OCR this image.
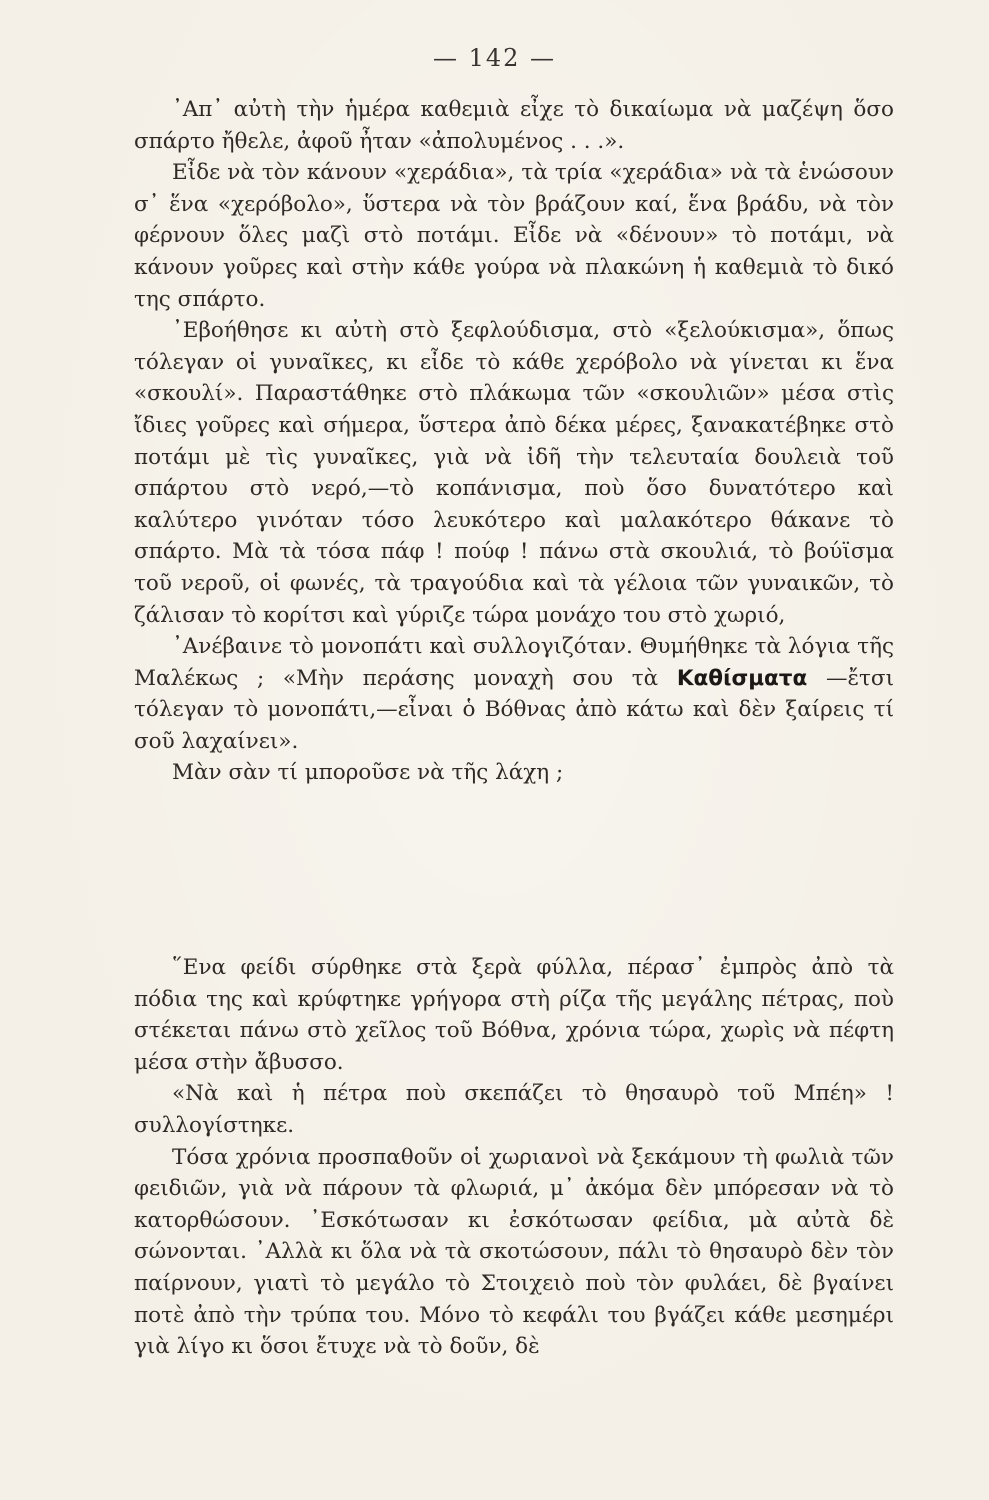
— 142 —

᾿Απ᾿ αὐτὴ τὴν ἡμέρα καθεμιὰ εἶχε τὸ δικαίωμα νὰ μαζέψη ὅσο σπάρτο ἤθελε, ἀφοῦ ἦταν «ἀπολυμένος . . .».

Εἶδε νὰ τὸν κάνουν «χεράδια», τὰ τρία «χεράδια» νὰ τὰ ἑνώσουν σ᾿ ἕνα «χερόβολο», ὕστερα νὰ τὸν βράζουν καί, ἕνα βράδυ, νὰ τὸν φέρνουν ὅλες μαζὶ στὸ ποτάμι. Εἶδε νὰ «δένουν» τὸ ποτάμι, νὰ κάνουν γοῦρες καὶ στὴν κάθε γούρα νὰ πλακώνη ἡ καθεμιὰ τὸ δικό της σπάρτο.

᾿Εβοήθησε κι αὐτὴ στὸ ξεφλούδισμα, στὸ «ξελούκισμα», ὅπως τόλεγαν οἱ γυναῖκες, κι εἶδε τὸ κάθε χερόβολο νὰ γίνεται κι ἕνα «σκουλί». Παραστάθηκε στὸ πλάκωμα τῶν «σκουλιῶν» μέσα στὶς ἴδιες γοῦρες καὶ σήμερα, ὕστερα ἀπὸ δέκα μέρες, ξανακατέβηκε στὸ ποτάμι μὲ τὶς γυναῖκες, γιὰ νὰ ἰδῆ τὴν τελευταία δουλειὰ τοῦ σπάρτου στὸ νερό,—τὸ κοπάνισμα, ποὺ ὅσο δυνατότερο καὶ καλύτερο γινόταν τόσο λευκότερο καὶ μαλακότερο θάκανε τὸ σπάρτο. Μὰ τὰ τόσα πάφ ! πούφ ! πάνω στὰ σκουλιά, τὸ βούϊσμα τοῦ νεροῦ, οἱ φωνές, τὰ τραγούδια καὶ τὰ γέλοια τῶν γυναικῶν, τὸ ζάλισαν τὸ κορίτσι καὶ γύριζε τώρα μονάχο του στὸ χωριό,

᾿Ανέβαινε τὸ μονοπάτι καὶ συλλογιζόταν. Θυμήθηκε τὰ λόγια τῆς Μαλέκως ; «Μὴν περάσης μοναχὴ σου τὰ Καθίσματα —ἔτσι τόλεγαν τὸ μονοπάτι,—εἶναι ὁ Βόθνας ἀπὸ κάτω καὶ δὲν ξαίρεις τί σοῦ λαχαίνει».

Μὰν σὰν τί μποροῦσε νὰ τῆς λάχη ;

῞Ενα φείδι σύρθηκε στὰ ξερὰ φύλλα, πέρασ᾿ ἐμπρὸς ἀπὸ τὰ πόδια της καὶ κρύφτηκε γρήγορα στὴ ρίζα τῆς μεγάλης πέτρας, ποὺ στέκεται πάνω στὸ χεῖλος τοῦ Βόθνα, χρόνια τώρα, χωρὶς νὰ πέφτη μέσα στὴν ἄβυσσο.

«Νὰ καὶ ἡ πέτρα ποὺ σκεπάζει τὸ θησαυρὸ τοῦ Μπέη» ! συλλογίστηκε.

Τόσα χρόνια προσπαθοῦν οἱ χωριανοὶ νὰ ξεκάμουν τὴ φωλιὰ τῶν φειδιῶν, γιὰ νὰ πάρουν τὰ φλωριά, μ᾿ ἀκόμα δὲν μπόρεσαν νὰ τὸ κατορθώσουν. ᾿Εσκότωσαν κι ἐσκότωσαν φείδια, μὰ αὐτὰ δὲ σώνονται. ᾿Αλλὰ κι ὅλα νὰ τὰ σκοτώσουν, πάλι τὸ θησαυρὸ δὲν τὸν παίρνουν, γιατὶ τὸ μεγάλο τὸ Στοιχειὸ ποὺ τὸν φυλάει, δὲ βγαίνει ποτὲ ἀπὸ τὴν τρύπα του. Μόνο τὸ κεφάλι του βγάζει κάθε μεσημέρι γιὰ λίγο κι ὅσοι ἔτυχε νὰ τὸ δοῦν, δὲ
